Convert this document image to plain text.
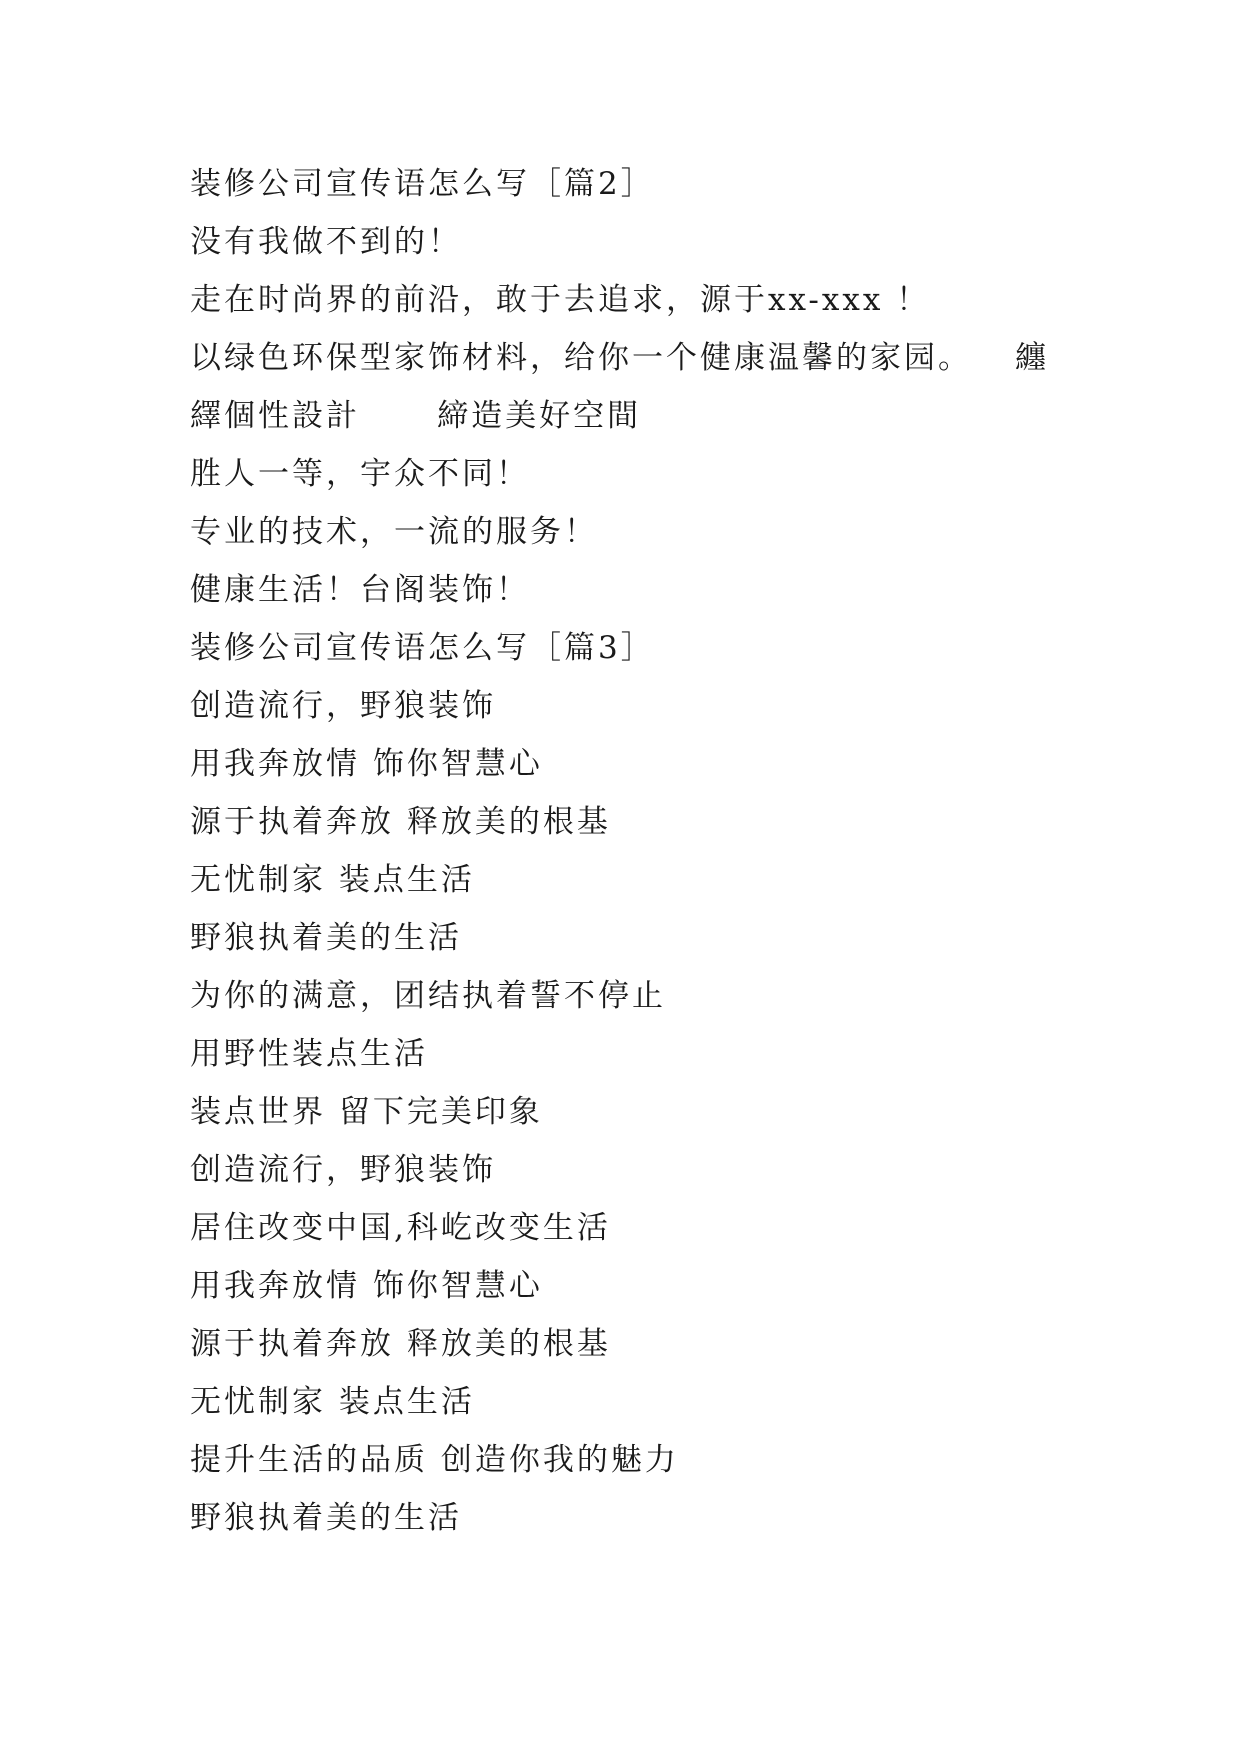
装修公司宣传语怎么写［篇2］
没有我做不到的！
走在时尚界的前沿，敢于去追求，源于xx-xxx ！
以绿色环保型家饰材料，给你一个健康温馨的家园。 纏
繹個性設計      締造美好空間
胜人一等，宇众不同！
专业的技术，一流的服务！
健康生活！台阁装饰！
装修公司宣传语怎么写［篇3］
创造流行，野狼装饰
用我奔放情 饰你智慧心
源于执着奔放 释放美的根基
无忧制家 装点生活
野狼执着美的生活
为你的满意，团结执着誓不停止
用野性装点生活
装点世界 留下完美印象
创造流行，野狼装饰
居住改变中国,科屹改变生活
用我奔放情 饰你智慧心
源于执着奔放 释放美的根基
无忧制家 装点生活
提升生活的品质 创造你我的魅力
野狼执着美的生活
